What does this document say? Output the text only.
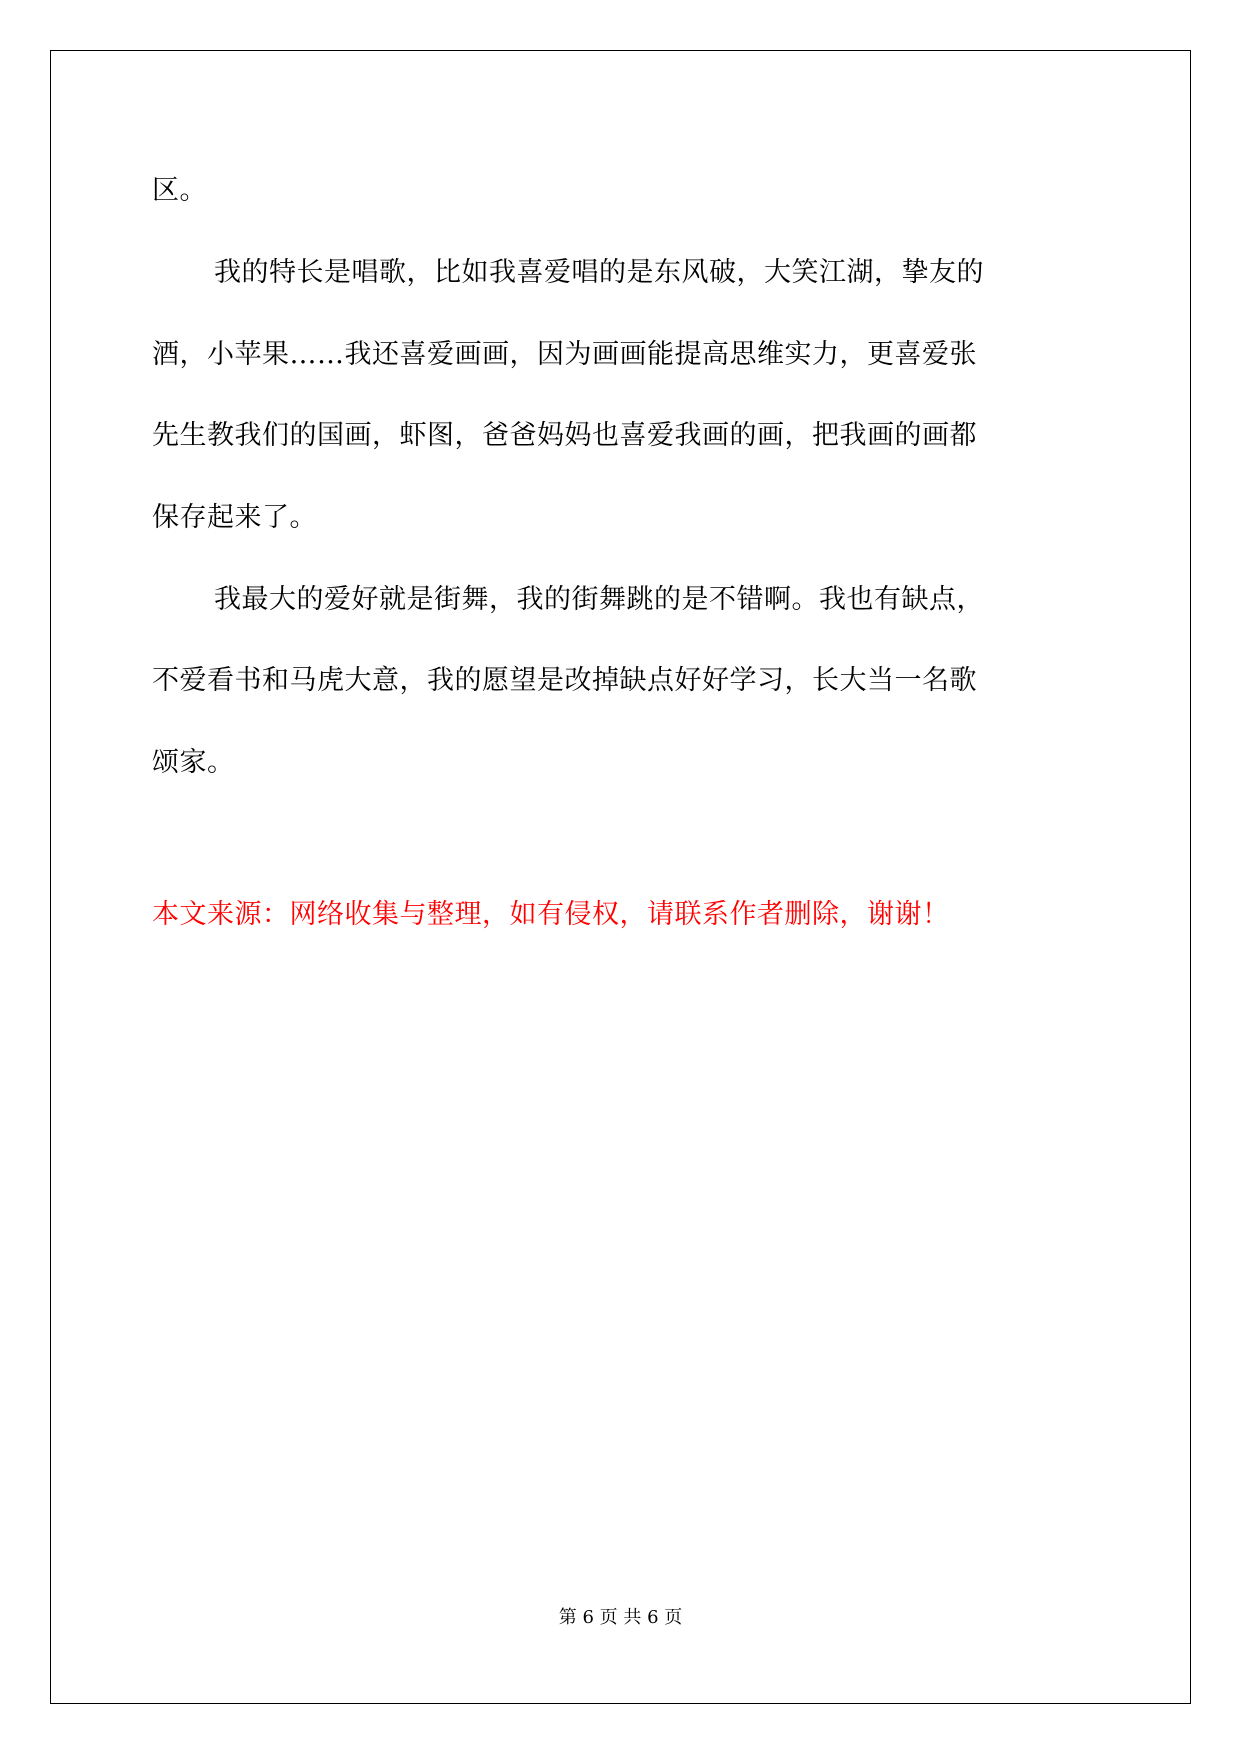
区。
我的特长是唱歌，比如我喜爱唱的是东风破，大笑江湖，挚友的
酒，小苹果……我还喜爱画画，因为画画能提高思维实力，更喜爱张
先生教我们的国画，虾图，爸爸妈妈也喜爱我画的画，把我画的画都
保存起来了。
我最大的爱好就是街舞，我的街舞跳的是不错啊。我也有缺点，
不爱看书和马虎大意，我的愿望是改掉缺点好好学习，长大当一名歌
颂家。
本文来源：网络收集与整理，如有侵权，请联系作者删除，谢谢！
第 6 页 共 6 页
